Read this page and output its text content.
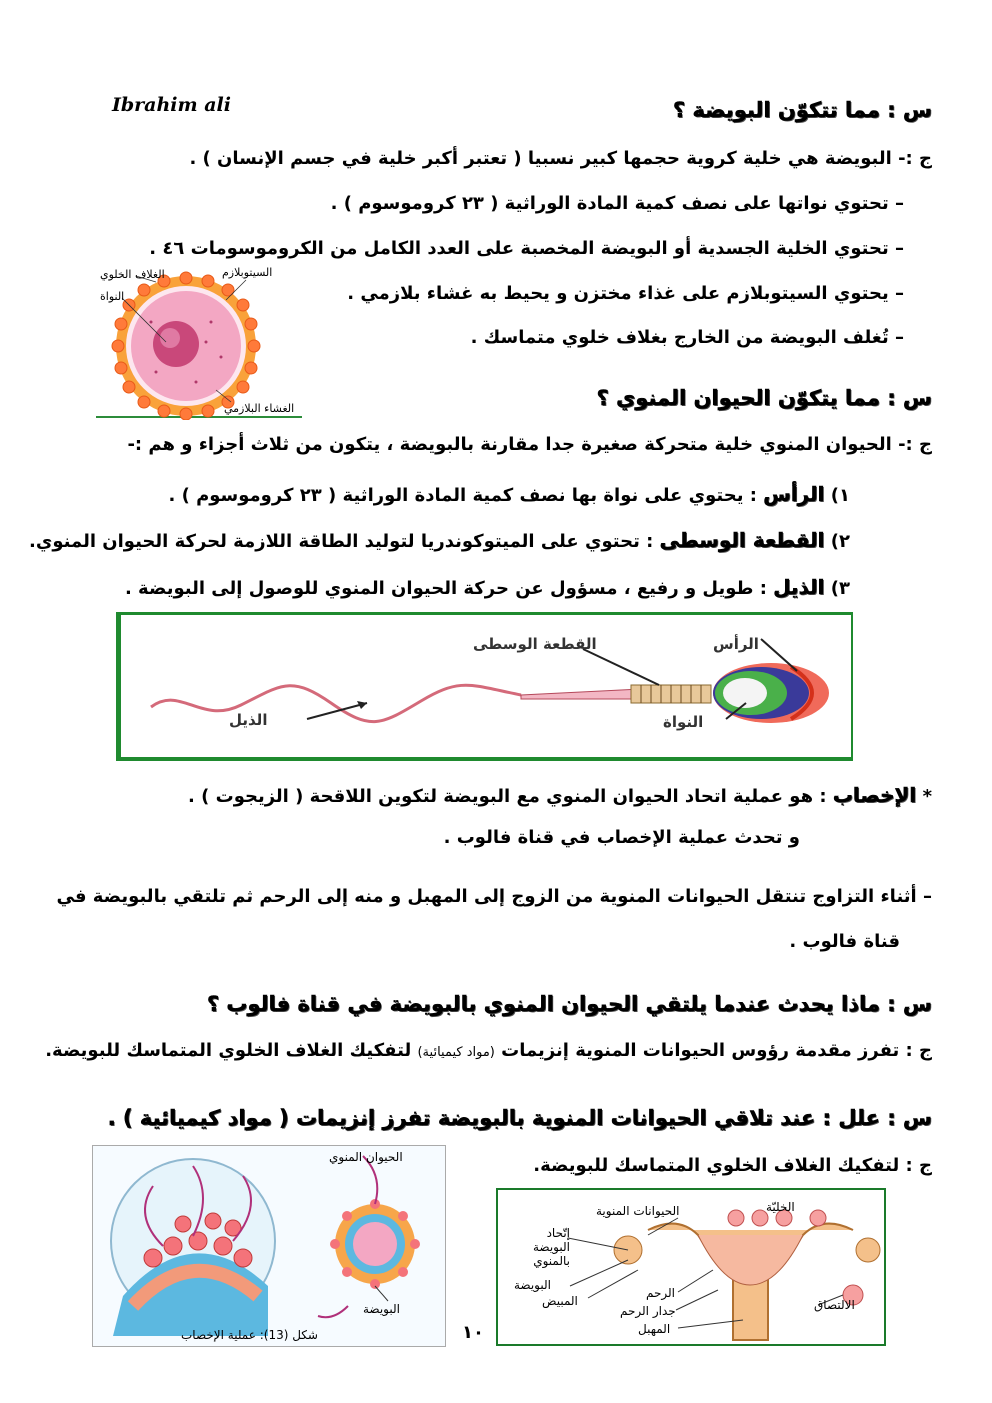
Ibrahim ali	س : مما تتكوّن البويضة ؟
ج :- البويضة هي خلية كروية حجمها كبير نسبيا ( تعتبر أكبر خلية في جسم الإنسان ) .
– تحتوي نواتها على نصف كمية المادة الوراثية ( ٢٣ كروموسوم ) .
– تحتوي الخلية الجسدية أو البويضة المخصبة على العدد الكامل من الكروموسومات ٤٦ .
– يحتوي السيتوبلازم على غذاء مختزن و يحيط به غشاء بلازمي .
– تُغلف البويضة من الخارج بغلاف خلوي متماسك .
الغلاف الخلوي
النواة
السيتوبلازم
الغشاء البلازمي	س : مما يتكوّن الحيوان المنوي ؟
ج :- الحيوان المنوي خلية متحركة صغيرة جدا مقارنة بالبويضة ، يتكون من ثلاث أجزاء و هم :-
١) الرأس : يحتوي على نواة بها نصف كمية المادة الوراثية ( ٢٣ كروموسوم ) .
٢) القطعة الوسطى : تحتوي على الميتوكوندريا لتوليد الطاقة اللازمة لحركة الحيوان المنوي.
٣) الذيل : طويل و رفيع ، مسؤول عن حركة الحيوان المنوي للوصول إلى البويضة .
الرأس
القطعة الوسطى
الذيل	النواة
* الإخصاب : هو عملية اتحاد الحيوان المنوي مع البويضة لتكوين اللاقحة ( الزيجوت ) .
و تحدث عملية الإخصاب في قناة فالوب .
– أثناء التزاوج تنتقل الحيوانات المنوية من الزوج إلى المهبل و منه إلى الرحم ثم تلتقي بالبويضة في
قناة فالوب .
س : ماذا يحدث عندما يلتقي الحيوان المنوي بالبويضة في قناة فالوب ؟
ج : تفرز مقدمة رؤوس الحيوانات المنوية إنزيمات (مواد كيميائية) لتفكيك الغلاف الخلوي المتماسك للبويضة.
س : علل : عند تلاقي الحيوانات المنوية بالبويضة تفرز إنزيمات ( مواد كيميائية ) .
ج : لتفكيك الغلاف الخلوي المتماسك للبويضة.
الحيوان المنوي
البويضة
شكل (13): عملية الإخصاب	١٠
الخليّة
الحيوانات المنوية
إتّحاد البويضة بالمنوي
البويضة
المبيض
الرحم
جدار الرحم
المهبل
الالتصاق
